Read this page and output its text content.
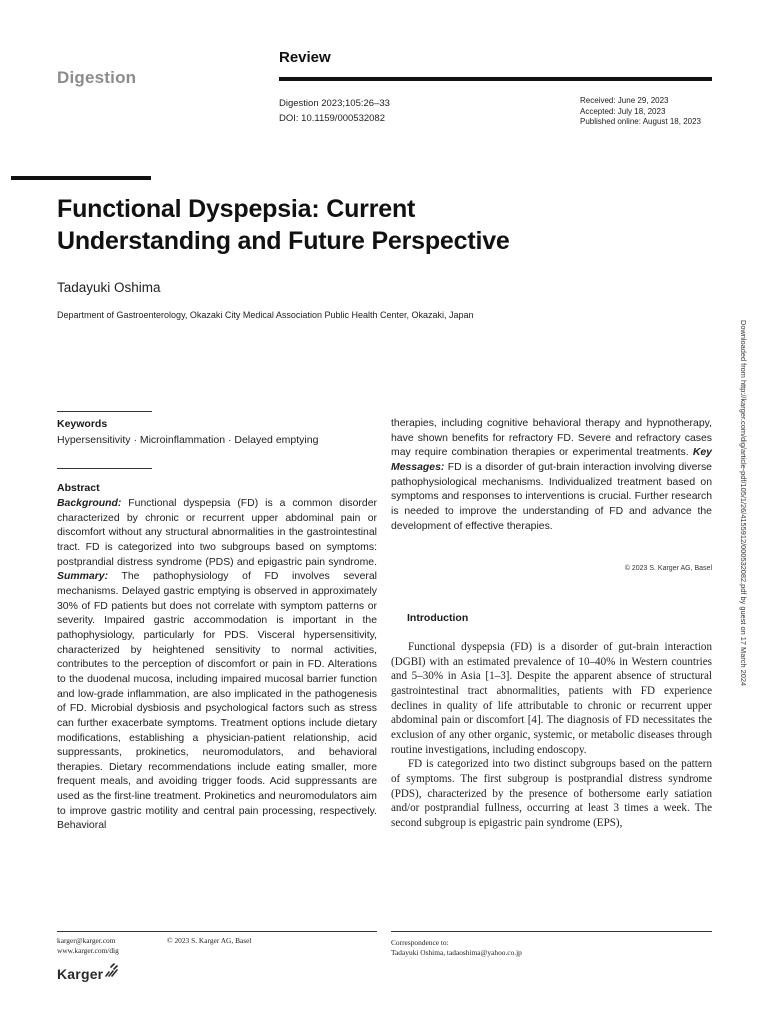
Digestion
Review
Digestion 2023;105:26–33
DOI: 10.1159/000532082
Received: June 29, 2023
Accepted: July 18, 2023
Published online: August 18, 2023
Functional Dyspepsia: Current
Understanding and Future Perspective
Tadayuki Oshima
Department of Gastroenterology, Okazaki City Medical Association Public Health Center, Okazaki, Japan
Downloaded from http://karger.com/dig/article-pdf/105/1/26/4155912/000532082.pdf by guest on 17 March 2024
Keywords
Hypersensitivity · Microinflammation · Delayed emptying
Abstract
Background: Functional dyspepsia (FD) is a common disorder characterized by chronic or recurrent upper abdominal pain or discomfort without any structural abnormalities in the gastrointestinal tract. FD is categorized into two subgroups based on symptoms: postprandial distress syndrome (PDS) and epigastric pain syndrome. Summary: The pathophysiology of FD involves several mechanisms. Delayed gastric emptying is observed in approximately 30% of FD patients but does not correlate with symptom patterns or severity. Impaired gastric accommodation is important in the pathophysiology, particularly for PDS. Visceral hypersensitivity, characterized by heightened sensitivity to normal activities, contributes to the perception of discomfort or pain in FD. Alterations to the duodenal mucosa, including impaired mucosal barrier function and low-grade inflammation, are also implicated in the pathogenesis of FD. Microbial dysbiosis and psychological factors such as stress can further exacerbate symptoms. Treatment options include dietary modifications, establishing a physician-patient relationship, acid suppressants, prokinetics, neuromodulators, and behavioral therapies. Dietary recommendations include eating smaller, more frequent meals, and avoiding trigger foods. Acid suppressants are used as the first-line treatment. Prokinetics and neuromodulators aim to improve gastric motility and central pain processing, respectively. Behavioral
therapies, including cognitive behavioral therapy and hypnotherapy, have shown benefits for refractory FD. Severe and refractory cases may require combination therapies or experimental treatments. Key Messages: FD is a disorder of gut-brain interaction involving diverse pathophysiological mechanisms. Individualized treatment based on symptoms and responses to interventions is crucial. Further research is needed to improve the understanding of FD and advance the development of effective therapies.
© 2023 S. Karger AG, Basel
Introduction

Functional dyspepsia (FD) is a disorder of gut-brain interaction (DGBI) with an estimated prevalence of 10–40% in Western countries and 5–30% in Asia [1–3]. Despite the apparent absence of structural gastrointestinal tract abnormalities, patients with FD experience declines in quality of life attributable to chronic or recurrent upper abdominal pain or discomfort [4]. The diagnosis of FD necessitates the exclusion of any other organic, systemic, or metabolic diseases through routine investigations, including endoscopy.

FD is categorized into two distinct subgroups based on the pattern of symptoms. The first subgroup is postprandial distress syndrome (PDS), characterized by the presence of bothersome early satiation and/or postprandial fullness, occurring at least 3 times a week. The second subgroup is epigastric pain syndrome (EPS),

karger@karger.com
www.karger.com/dig
© 2023 S. Karger AG, Basel	Correspondence to:
Tadayuki Oshima, tadaoshima@yahoo.co.jp
Karger
